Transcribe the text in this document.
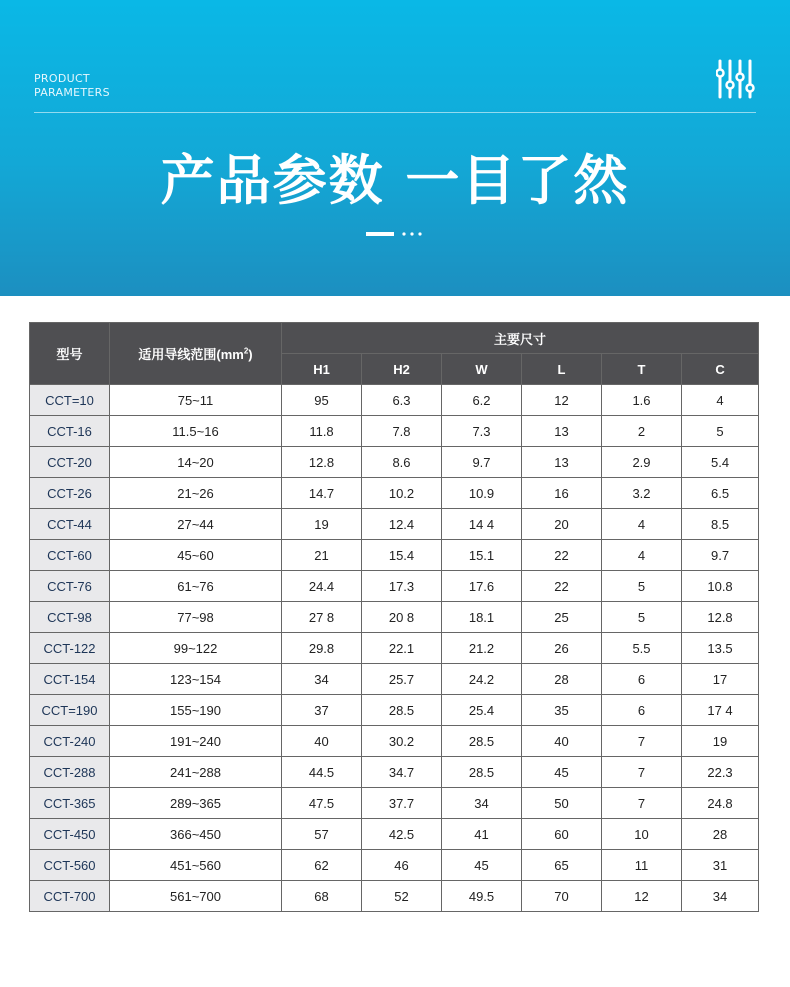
PRODUCT
PARAMETERS
产品参数 一目了然
型号	适用导线范围$(mm^2)$	主要尺寸					
		H1	H2	W	L	T	C
CCT=10	75~11	95	6.3	6.2	12	1.6	4
CCT-16	11.5~16	11.8	7.8	7.3	13	2	5
CCT-20	14~20	12.8	8.6	9.7	13	2.9	5.4
CCT-26	21~26	14.7	10.2	10.9	16	3.2	6.5
CCT-44	27~44	19	12.4	14 4	20	4	8.5
CCT-60	45~60	21	15.4	15.1	22	4	9.7
CCT-76	61~76	24.4	17.3	17.6	22	5	10.8
CCT-98	77~98	27 8	20 8	18.1	25	5	12.8
CCT-122	99~122	29.8	22.1	21.2	26	5.5	13.5
CCT-154	123~154	34	25.7	24.2	28	6	17
CCT=190	155~190	37	28.5	25.4	35	6	17 4
CCT-240	191~240	40	30.2	28.5	40	7	19
CCT-288	241~288	44.5	34.7	28.5	45	7	22.3
CCT-365	289~365	47.5	37.7	34	50	7	24.8
CCT-450	366~450	57	42.5	41	60	10	28
CCT-560	451~560	62	46	45	65	11	31
CCT-700	561~700	68	52	49.5	70	12	34
